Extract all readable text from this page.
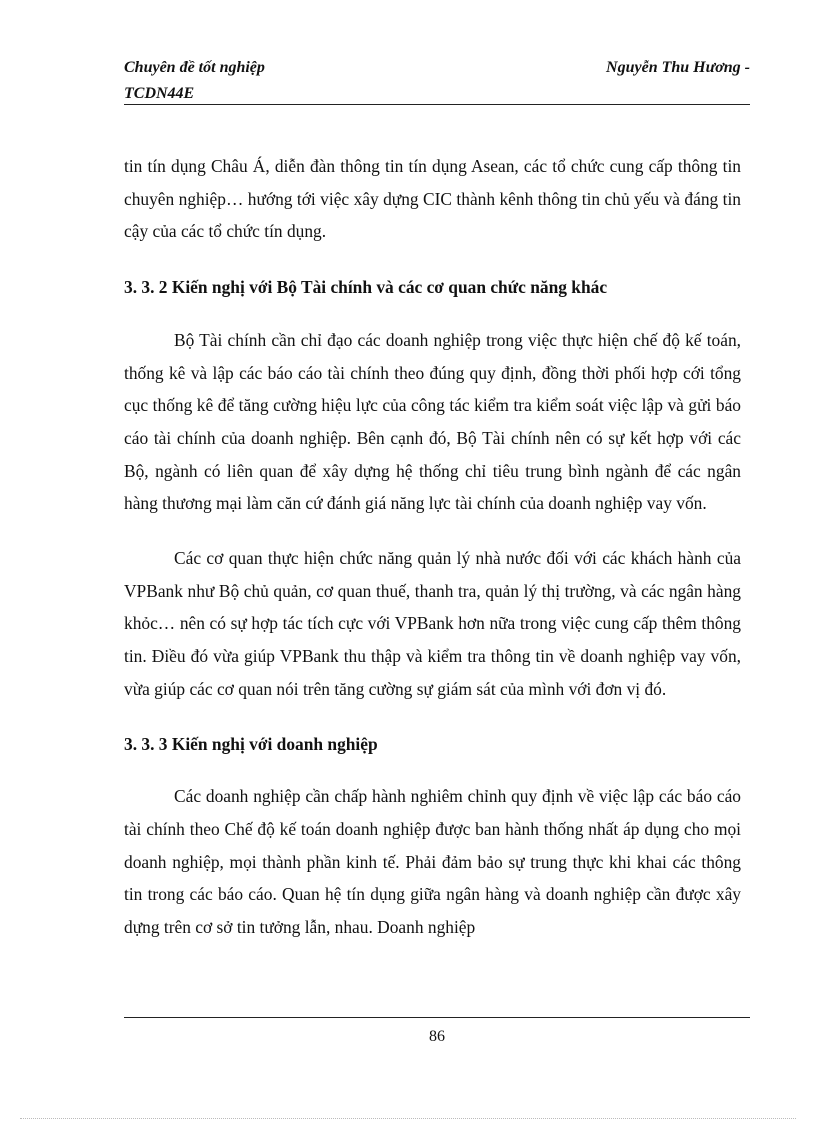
Chuyên đề tốt nghiệp	Nguyễn Thu Hương -
TCDN44E

tin tín dụng Châu Á, diễn đàn thông tin tín dụng Asean, các tổ chức cung cấp thông tin chuyên nghiệp… hướng tới việc xây dựng CIC thành kênh thông tin chủ yếu và đáng tin cậy của các tổ chức tín dụng.

3. 3. 2 Kiến nghị với Bộ Tài chính và các cơ quan chức năng khác

Bộ Tài chính cần chỉ đạo các doanh nghiệp trong việc thực hiện chế độ kế toán, thống kê và lập các báo cáo tài chính theo đúng quy định, đồng thời phối hợp cới tổng cục thống kê để tăng cường hiệu lực của công tác kiểm tra kiểm soát việc lập và gửi báo cáo tài chính của doanh nghiệp. Bên cạnh đó, Bộ Tài chính nên có sự kết hợp với các Bộ, ngành có liên quan để xây dựng hệ thống chỉ tiêu trung bình ngành để các ngân hàng thương mại làm căn cứ đánh giá năng lực tài chính của doanh nghiệp vay vốn.

Các cơ quan thực hiện chức năng quản lý nhà nước đối với các khách hành của VPBank như Bộ chủ quản, cơ quan thuế, thanh tra, quản lý thị trường, và các ngân hàng khỏc… nên có sự hợp tác tích cực với VPBank hơn nữa trong việc cung cấp thêm thông tin. Điều đó vừa giúp VPBank thu thập và kiểm tra thông tin về doanh nghiệp vay vốn, vừa giúp các cơ quan nói trên tăng cường sự giám sát của mình với đơn vị đó.

3. 3. 3 Kiến nghị với doanh nghiệp

Các doanh nghiệp cần chấp hành nghiêm chỉnh quy định về việc lập các báo cáo tài chính theo Chế độ kế toán doanh nghiệp được ban hành thống nhất áp dụng cho mọi doanh nghiệp, mọi thành phần kinh tế. Phải đảm bảo sự trung thực khi khai các thông tin trong các báo cáo. Quan hệ tín dụng giữa ngân hàng và doanh nghiệp cần được xây dựng trên cơ sở tin tưởng lẫn, nhau. Doanh nghiệp

86
